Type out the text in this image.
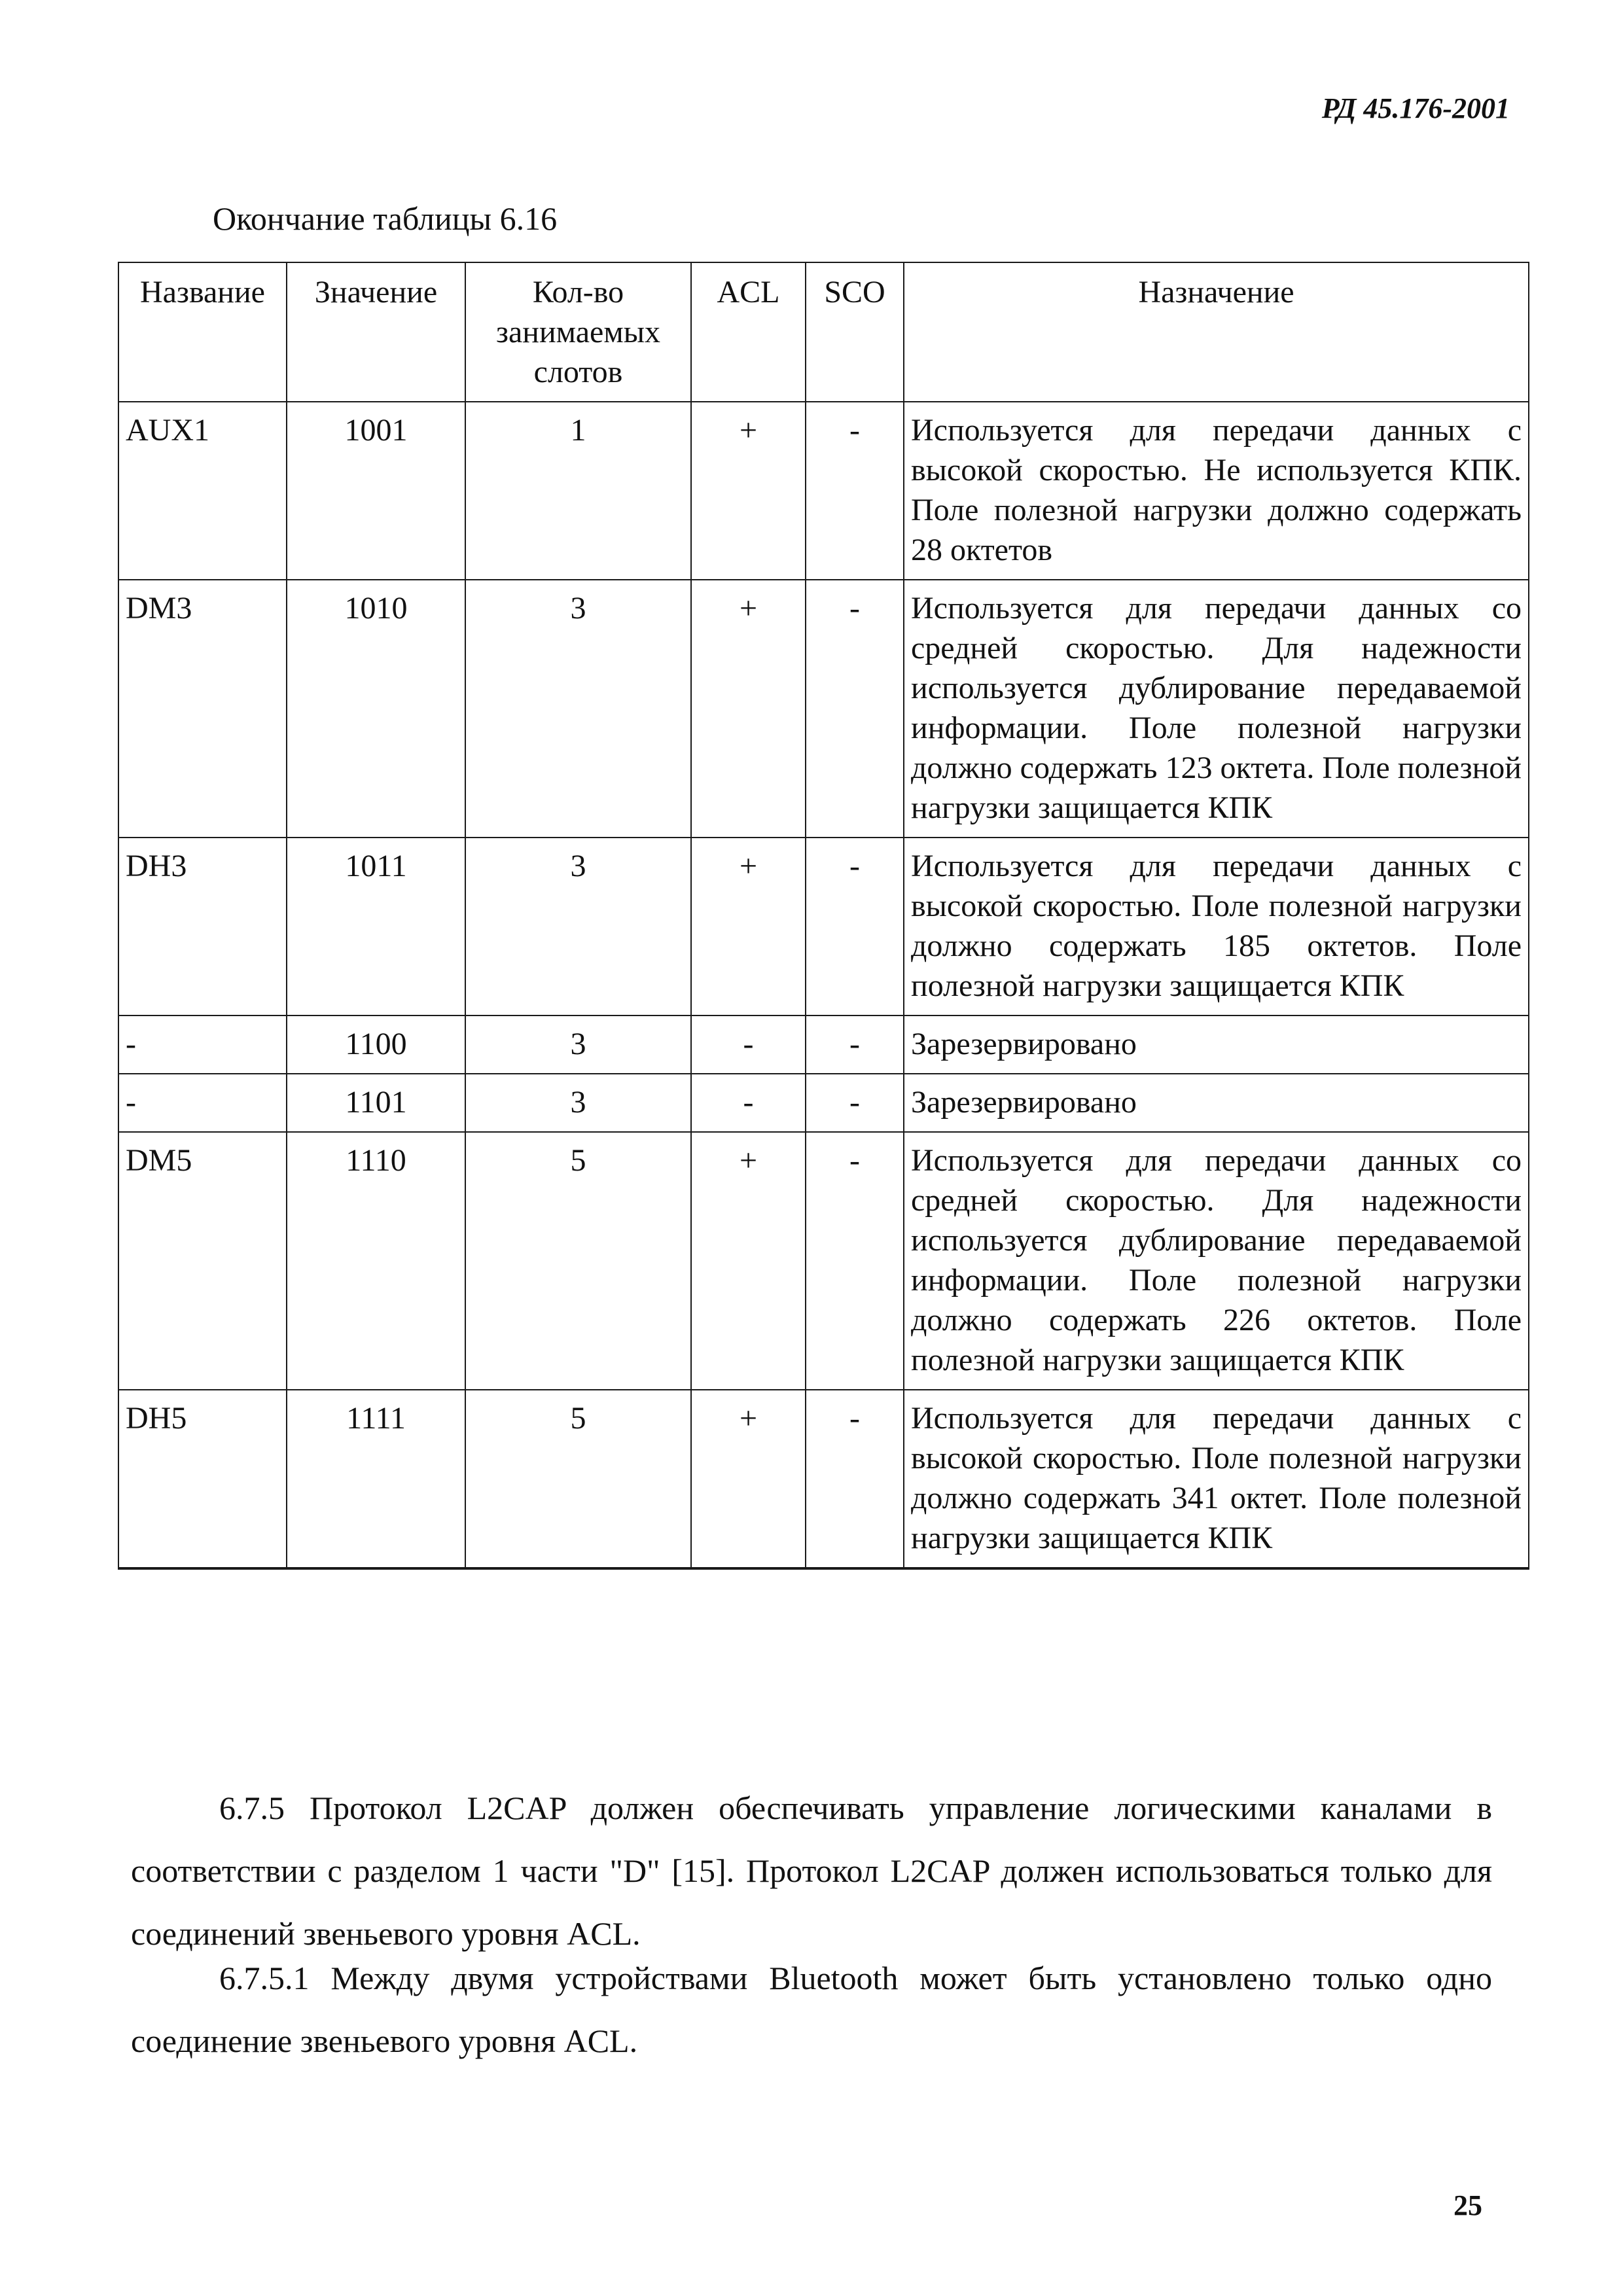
РД 45.176-2001
Окончание таблицы 6.16
Название	Значение	Кол-во занимаемых слотов	ACL	SCO	Назначение
AUX1	1001	1	+	-	Используется для передачи данных с высокой скоростью. Не используется КПК. Поле полезной нагрузки должно содержать 28 октетов
DM3	1010	3	+	-	Используется для передачи данных со средней скоростью. Для надежности используется дублирование передаваемой информации. Поле полезной нагрузки должно содержать 123 октета. Поле полезной нагрузки защищается КПК
DH3	1011	3	+	-	Используется для передачи данных с высокой скоростью. Поле полезной нагрузки должно содержать 185 октетов. Поле полезной нагрузки защищается КПК
-	1100	3	-	-	Зарезервировано
-	1101	3	-	-	Зарезервировано
DM5	1110	5	+	-	Используется для передачи данных со средней скоростью. Для надежности используется дублирование передаваемой информации. Поле полезной нагрузки должно содержать 226 октетов. Поле полезной нагрузки защищается КПК
DH5	1111	5	+	-	Используется для передачи данных с высокой скоростью. Поле полезной нагрузки должно содержать 341 октет. Поле полезной нагрузки защищается КПК

6.7.5 Протокол L2CAP должен обеспечивать управление логическими каналами в соответствии с разделом 1 части "D" [15]. Протокол L2CAP должен использоваться только для соединений звеньевого уровня ACL.

6.7.5.1 Между двумя устройствами Bluetooth может быть установлено только одно соединение звеньевого уровня ACL.

25
